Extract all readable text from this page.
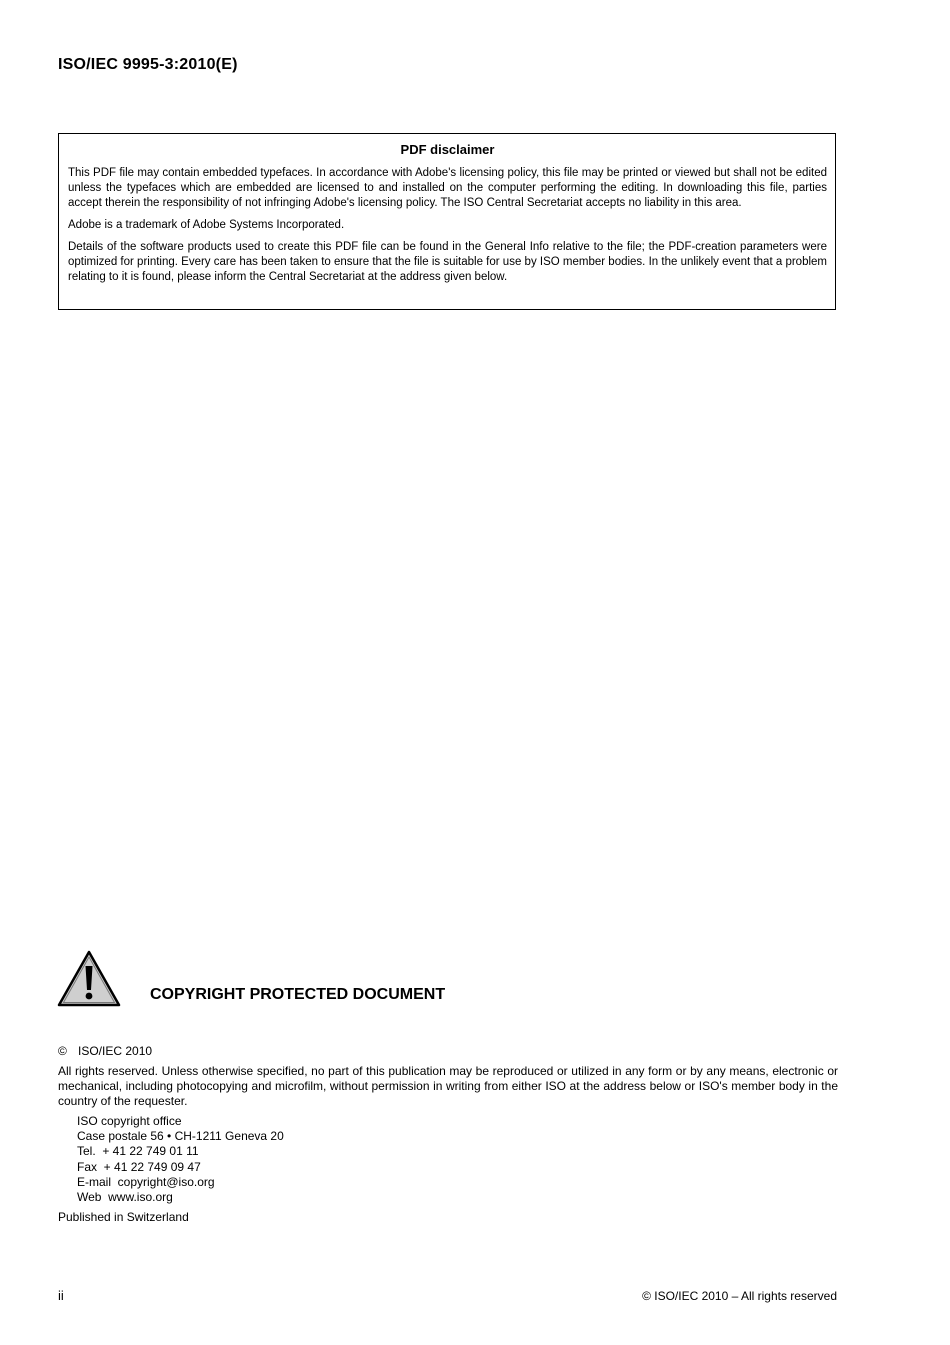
ISO/IEC 9995-3:2010(E)
PDF disclaimer

This PDF file may contain embedded typefaces. In accordance with Adobe's licensing policy, this file may be printed or viewed but shall not be edited unless the typefaces which are embedded are licensed to and installed on the computer performing the editing. In downloading this file, parties accept therein the responsibility of not infringing Adobe's licensing policy. The ISO Central Secretariat accepts no liability in this area.

Adobe is a trademark of Adobe Systems Incorporated.

Details of the software products used to create this PDF file can be found in the General Info relative to the file; the PDF-creation parameters were optimized for printing. Every care has been taken to ensure that the file is suitable for use by ISO member bodies. In the unlikely event that a problem relating to it is found, please inform the Central Secretariat at the address given below.

COPYRIGHT PROTECTED DOCUMENT
© ISO/IEC 2010

All rights reserved. Unless otherwise specified, no part of this publication may be reproduced or utilized in any form or by any means, electronic or mechanical, including photocopying and microfilm, without permission in writing from either ISO at the address below or ISO's member body in the country of the requester.

ISO copyright office
Case postale 56 • CH-1211 Geneva 20
Tel.  + 41 22 749 01 11
Fax  + 41 22 749 09 47
E-mail  copyright@iso.org
Web  www.iso.org
Published in Switzerland
ii	© ISO/IEC 2010 – All rights reserved
